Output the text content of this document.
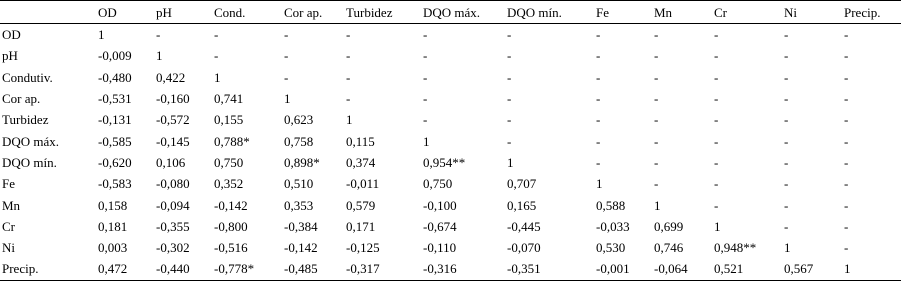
	OD	pH	Cond.	Cor ap.	Turbidez	DQO máx.	DQO mín.	Fe	Mn	Cr	Ni	Precip.
OD	1	-	-	-	-	-	-	-	-	-	-	-
pH	-0,009	1	-	-	-	-	-	-	-	-	-	-
Condutiv.	-0,480	0,422	1	-	-	-	-	-	-	-	-	-
Cor ap.	-0,531	-0,160	0,741	1	-	-	-	-	-	-	-	-
Turbidez	-0,131	-0,572	0,155	0,623	1	-	-	-	-	-	-	-
DQO máx.	-0,585	-0,145	0,788*	0,758	0,115	1	-	-	-	-	-	-
DQO mín.	-0,620	0,106	0,750	0,898*	0,374	0,954**	1	-	-	-	-	-
Fe	-0,583	-0,080	0,352	0,510	-0,011	0,750	0,707	1	-	-	-	-
Mn	0,158	-0,094	-0,142	0,353	0,579	-0,100	0,165	0,588	1	-	-	-
Cr	0,181	-0,355	-0,800	-0,384	0,171	-0,674	-0,445	-0,033	0,699	1	-	-
Ni	0,003	-0,302	-0,516	-0,142	-0,125	-0,110	-0,070	0,530	0,746	0,948**	1	-
Precip.	0,472	-0,440	-0,778*	-0,485	-0,317	-0,316	-0,351	-0,001	-0,064	0,521	0,567	1
